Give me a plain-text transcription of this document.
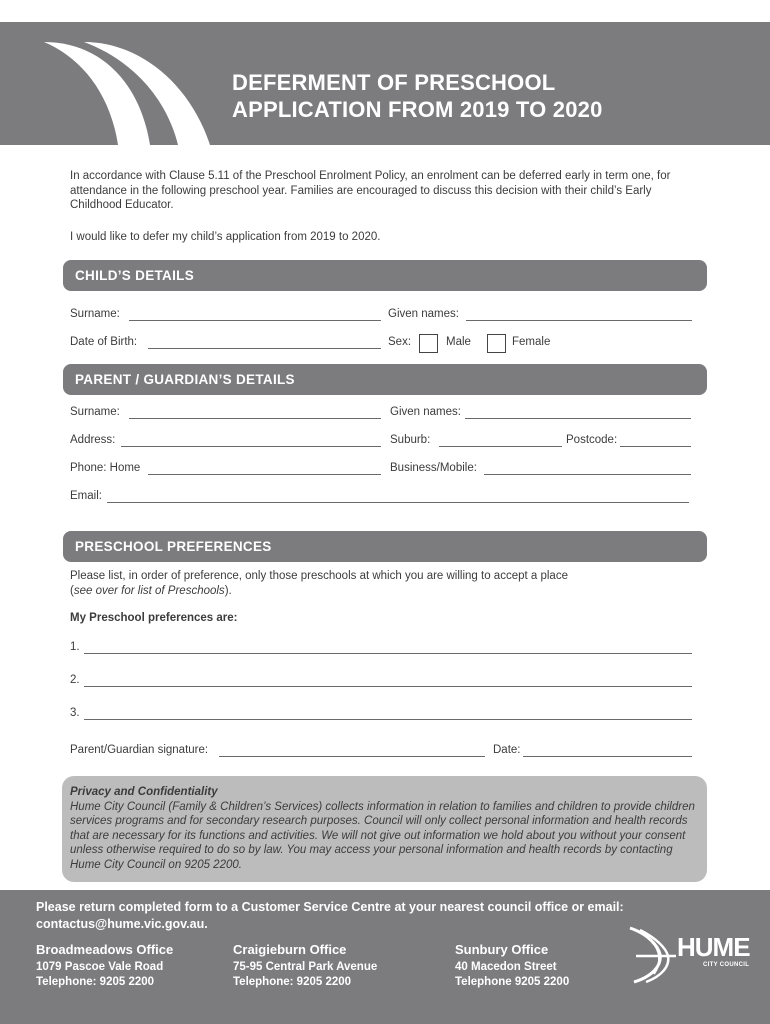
DEFERMENT OF PRESCHOOL
APPLICATION FROM 2019 TO 2020

In accordance with Clause 5.11 of the Preschool Enrolment Policy, an enrolment can be deferred early in term one, for attendance in the following preschool year. Families are encouraged to discuss this decision with their child’s Early Childhood Educator.

I would like to defer my child’s application from 2019 to 2020.

CHILD’S DETAILS
Surname:	Given names:
Date of Birth:	Sex:	Male	Female
PARENT / GUARDIAN’S DETAILS
Surname:	Given names:
Address:	Suburb:	Postcode:
Phone: Home	Business/Mobile:
Email:
PRESCHOOL PREFERENCES

Please list, in order of preference, only those preschools at which you are willing to accept a place
(see over for list of Preschools).

My Preschool preferences are:

1.
2.
3.
Parent/Guardian signature:	Date:
Privacy and Confidentiality

Hume City Council (Family & Children’s Services) collects information in relation to families and children to provide children services programs and for secondary research purposes. Council will only collect personal information and health records that are necessary for its functions and activities. We will not give out information we hold about you without your consent unless otherwise required to do so by law. You may access your personal information and health records by contacting Hume City Council on 9205 2200.

Please return completed form to a Customer Service Centre at your nearest council office or email: contactus@hume.vic.gov.au.

Broadmeadows Office
1079 Pascoe Vale Road
Telephone: 9205 2200
Craigieburn Office
75-95 Central Park Avenue
Telephone: 9205 2200
Sunbury Office
40 Macedon Street
Telephone 9205 2200
HUME
CITY COUNCIL
